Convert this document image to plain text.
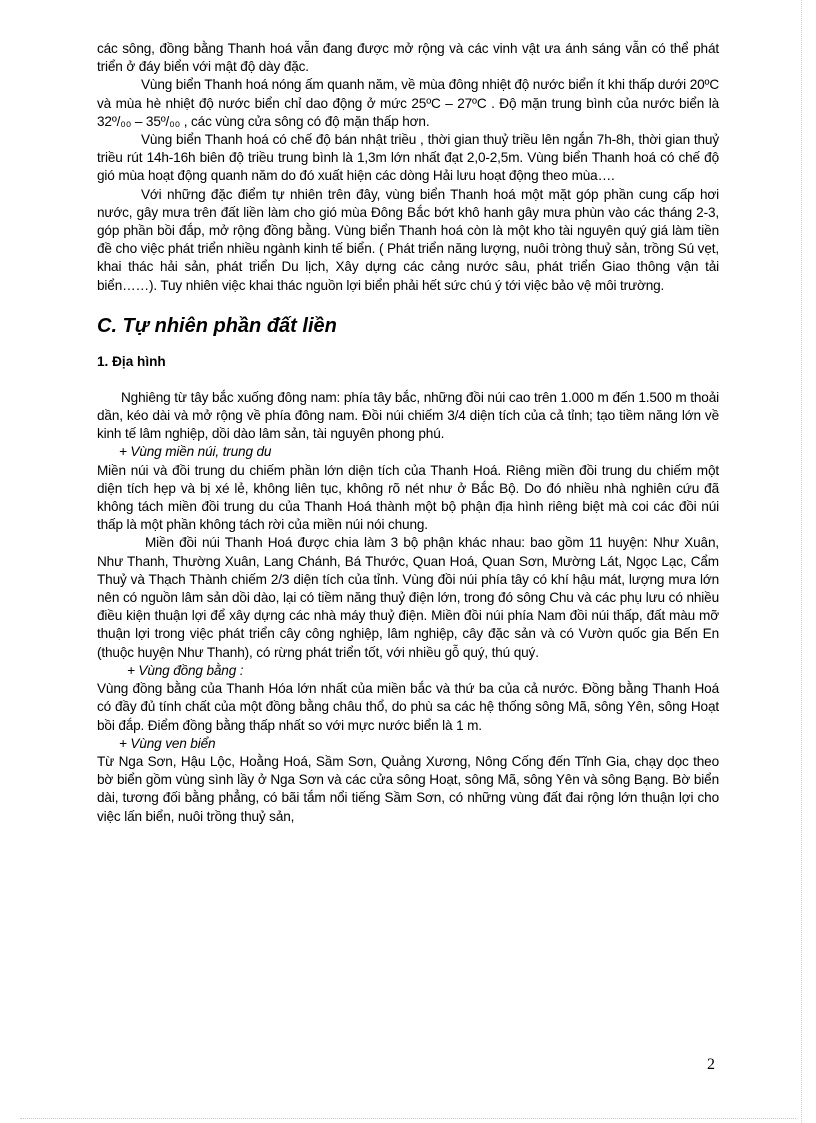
các sông, đồng bằng Thanh hoá vẫn đang được mở rộng và các vinh vật ưa ánh sáng vẫn có thể phát triển ở đáy biển với mật độ dày đặc.

Vùng biển Thanh hoá nóng ấm quanh năm, về mùa đông nhiệt độ nước biển ít khi thấp dưới 20ºC và mùa hè nhiệt độ nước biển chỉ dao động ở mức 25ºC – 27ºC . Độ mặn trung bình của nước biển là 32º/₀₀ – 35º/₀₀ , các vùng cửa sông có độ mặn thấp hơn.

Vùng biển Thanh hoá có chế độ bán nhật triều , thời gian thuỷ triều lên ngắn 7h-8h, thời gian thuỷ triều rút 14h-16h biên độ triều trung bình là 1,3m lớn nhất đạt 2,0-2,5m. Vùng biển Thanh hoá có chế độ gió mùa hoạt động quanh năm do đó xuất hiện các dòng Hải lưu hoạt động theo mùa….

Với những đặc điểm tự nhiên trên đây, vùng biển Thanh hoá một mặt góp phần cung cấp hơi nước, gây mưa trên đất liền làm cho gió mùa Đông Bắc bớt khô hanh gây mưa phùn vào các tháng 2-3, góp phần bồi đắp, mở rộng đồng bằng. Vùng biển Thanh hoá còn là một kho tài nguyên quý giá làm tiền đề cho việc phát triển nhiều ngành kinh tế biển. ( Phát triển năng lượng, nuôi tròng thuỷ sản, trồng Sú vẹt, khai thác hải sản, phát triển Du lịch, Xây dựng các cảng nước sâu, phát triển Giao thông vận tải biển……). Tuy nhiên việc khai thác nguồn lợi biển phải hết sức chú ý tới việc bảo vệ môi trường.

C. Tự nhiên phần đất liền
1. Địa hình

Nghiêng từ tây bắc xuống đông nam: phía tây bắc, những đồi núi cao trên 1.000 m đến 1.500 m thoải dần, kéo dài và mở rộng về phía đông nam. Đồi núi chiếm 3/4 diện tích của cả tỉnh; tạo tiềm năng lớn về kinh tế lâm nghiệp, dồi dào lâm sản, tài nguyên phong phú.

+ Vùng miền núi, trung du

Miền núi và đồi trung du chiếm phần lớn diện tích của Thanh Hoá. Riêng miền đồi trung du chiếm một diện tích hẹp và bị xé lẻ, không liên tục, không rõ nét như ở Bắc Bộ. Do đó nhiều nhà nghiên cứu đã không tách miền đồi trung du của Thanh Hoá thành một bộ phận địa hình riêng biệt mà coi các đồi núi thấp là một phần không tách rời của miền núi nói chung.

Miền đồi núi Thanh Hoá được chia làm 3 bộ phận khác nhau: bao gồm 11 huyện: Như Xuân, Như Thanh, Thường Xuân, Lang Chánh, Bá Thước, Quan Hoá, Quan Sơn, Mường Lát, Ngọc Lạc, Cẩm Thuỷ và Thạch Thành chiếm 2/3 diện tích của tỉnh. Vùng đồi núi phía tây có khí hậu mát, lượng mưa lớn nên có nguồn lâm sản dồi dào, lại có tiềm năng thuỷ điện lớn, trong đó sông Chu và các phụ lưu có nhiều điều kiện thuận lợi để xây dựng các nhà máy thuỷ điện. Miền đồi núi phía Nam đồi núi thấp, đất màu mỡ thuận lợi trong việc phát triển cây công nghiệp, lâm nghiệp, cây đặc sản và có Vườn quốc gia Bến En (thuộc huyện Như Thanh), có rừng phát triển tốt, với nhiều gỗ quý, thú quý.

+ Vùng đồng bằng :

Vùng đồng bằng của Thanh Hóa lớn nhất của miền bắc và thứ ba của cả nước. Đồng bằng Thanh Hoá có đầy đủ tính chất của một đồng bằng châu thổ, do phù sa các hệ thống sông Mã, sông Yên, sông Hoạt bồi đắp. Điểm đồng bằng thấp nhất so với mực nước biển là 1 m.

+ Vùng ven biển

Từ Nga Sơn, Hậu Lộc, Hoằng Hoá, Sầm Sơn, Quảng Xương, Nông Cống đến Tĩnh Gia, chạy dọc theo bờ biển gồm vùng sình lầy ở Nga Sơn và các cửa sông Hoạt, sông Mã, sông Yên và sông Bạng. Bờ biển dài, tương đối bằng phẳng, có bãi tắm nổi tiếng Sầm Sơn, có những vùng đất đai rộng lớn thuận lợi cho việc lấn biển, nuôi trồng thuỷ sản,

2
